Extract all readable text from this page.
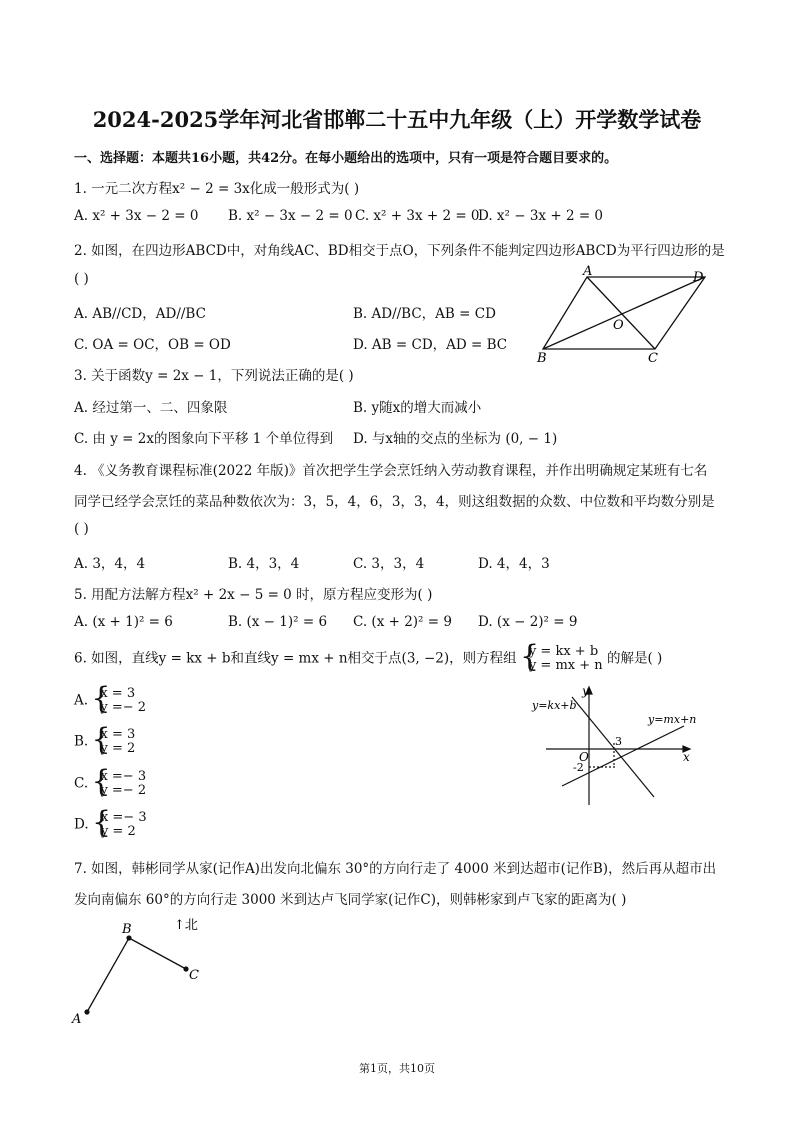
2024-2025学年河北省邯郸二十五中九年级（上）开学数学试卷
一、选择题：本题共16小题，共42分。在每小题给出的选项中，只有一项是符合题目要求的。
1. 一元二次方程x² − 2 = 3x化成一般形式为( )
A. x² + 3x − 2 = 0 B. x² − 3x − 2 = 0 C. x² + 3x + 2 = 0
D. x² − 3x + 2 = 0
2. 如图，在四边形ABCD中，对角线AC、BD相交于点O，下列条件不能判定四边形ABCD为平行四边形的是
( )
A. AB//CD，AD//BC	B. AD//BC，AB = CD
C. OA = OC，OB = OD	D. AB = CD，AD = BC
A	D
O
B	C
3. 关于函数y = 2x − 1，下列说法正确的是( )
A. 经过第一、二、四象限	B. y随x的增大而减小
C. 由 y = 2x的图象向下平移 1 个单位得到 D. 与x轴的交点的坐标为 (0, − 1)
4. 《义务教育课程标准(2022 年版)》首次把学生学会烹饪纳入劳动教育课程，并作出明确规定某班有七名
同学已经学会烹饪的菜品种数依次为：3，5，4，6，3，3，4，则这组数据的众数、中位数和平均数分别是
( )
A. 3，4，4	B. 4，3，4	C. 3，3，4	D. 4，4，3
5. 用配方法解方程x² + 2x − 5 = 0 时，原方程应变形为( )
A. (x + 1)² = 6	B. (x − 1)² = 6 C. (x + 2)² = 9 D. (x − 2)² = 9
6. 如图，直线y = kx + b和直线y = mx + n相交于点(3, −2)，则方程组 { y = kx + b
y = mx + n 的解是( )
A. { x = 3
y =− 2
B. { x = 3
y = 2
C. { x =− 3
y =− 2
D. { x =− 3
y = 2
y=kx+b
y=mx+n
y
x
O
3
-2
7. 如图，韩彬同学从家(记作A)出发向北偏东 30°的方向行走了 4000 米到达超市(记作B)，然后再从超市出
发向南偏东 60°的方向行走 3000 米到达卢飞同学家(记作C)，则韩彬家到卢飞家的距离为( )
A
B
C
↑北
第1页，共10页
